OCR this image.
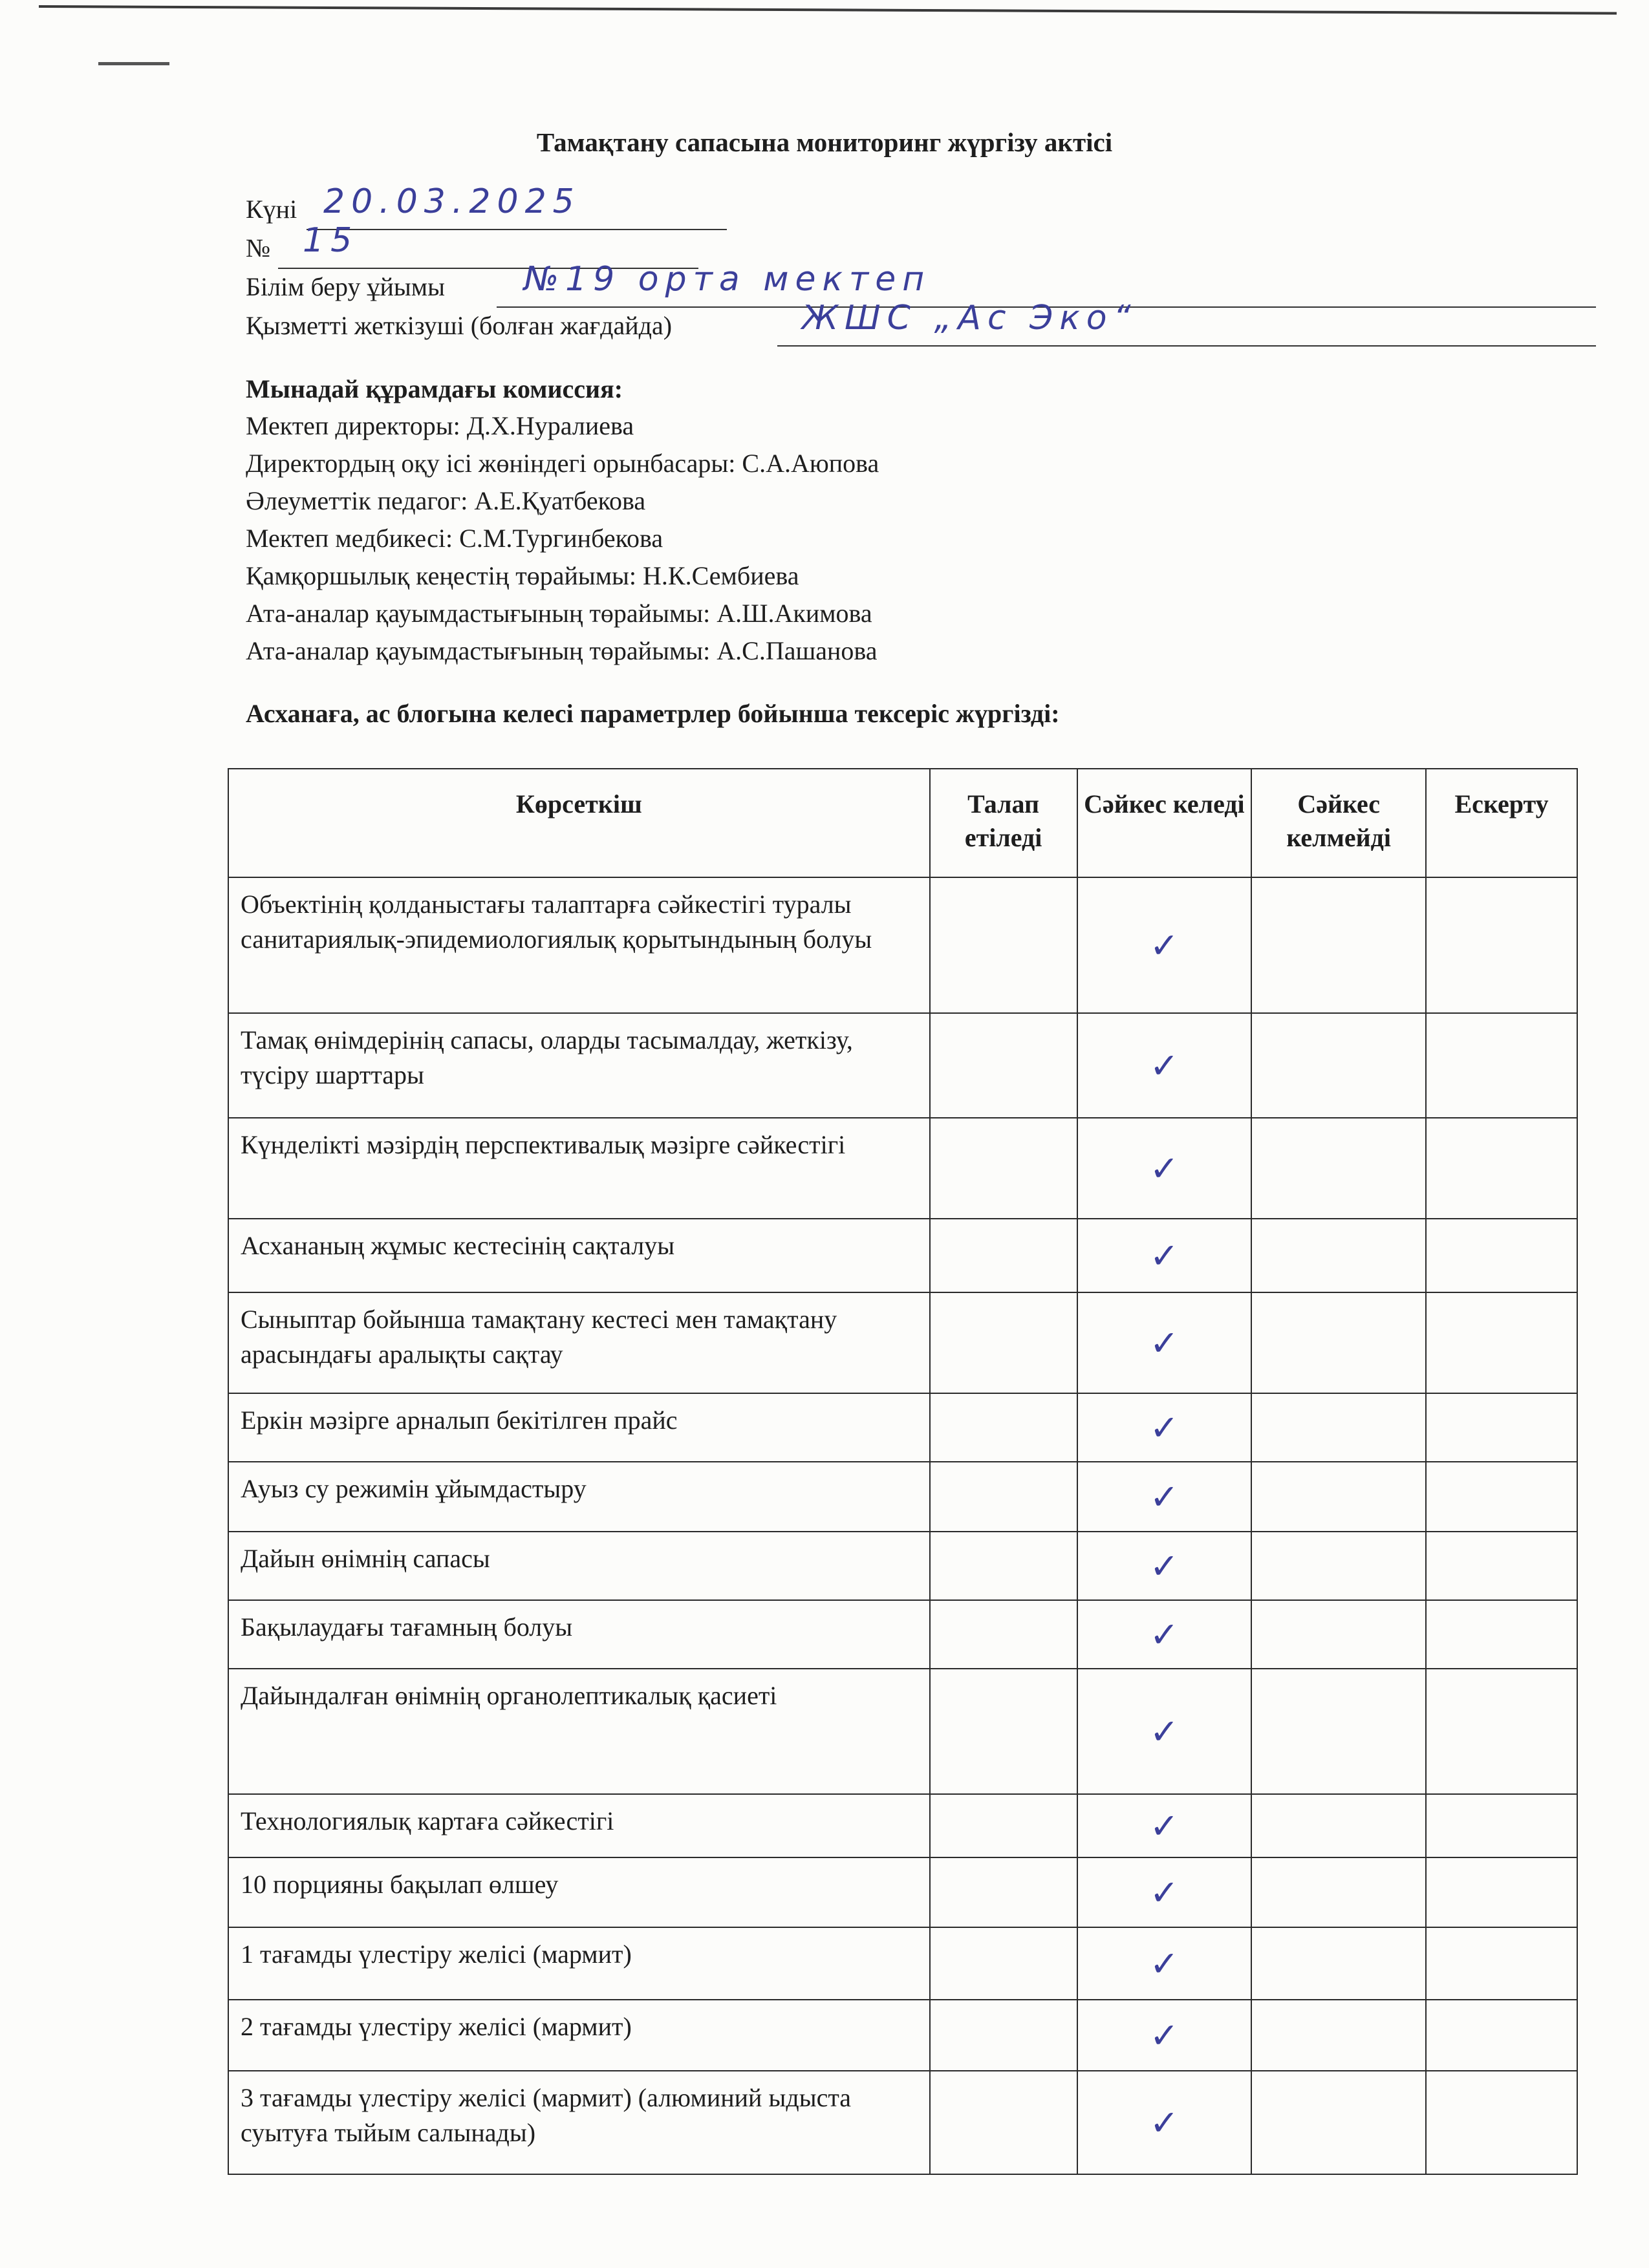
Тамақтану сапасына мониторинг жүргізу актісі
Күні 20.03.2025
№ 15
Білім беру ұйымы №19 орта мектеп
Қызметті жеткізуші (болған жағдайда)	ЖШС „Ас Эко“
Мынадай құрамдағы комиссия:
Мектеп директоры: Д.Х.Нуралиева
Директордың оқу ісі жөніндегі орынбасары: С.А.Аюпова
Әлеуметтік педагог: А.Е.Қуатбекова
Мектеп медбикесі: С.М.Тургинбекова
Қамқоршылық кеңестің төрайымы: Н.К.Сембиева
Ата-аналар қауымдастығының төрайымы: А.Ш.Акимова
Ата-аналар қауымдастығының төрайымы: А.С.Пашанова
Асханаға, ас блогына келесі параметрлер бойынша тексеріс жүргізді:
Көрсеткіш	Талап етіледі	Сәйкес келеді	Сәйкес келмейді	Ескерту
Объектінің қолданыстағы талаптарға сәйкестігі туралы санитариялық-эпидемиологиялық қорытындының болуы		✓		
Тамақ өнімдерінің сапасы, оларды тасымалдау, жеткізу, түсіру шарттары		✓		
Күнделікті мәзірдің перспективалық мәзірге сәйкестігі		✓		
Асхананың жұмыс кестесінің сақталуы		✓		
Сыныптар бойынша тамақтану кестесі мен тамақтану арасындағы аралықты сақтау		✓		
Еркін мәзірге арналып бекітілген прайс		✓		
Ауыз су режимін ұйымдастыру		✓		
Дайын өнімнің сапасы		✓		
Бақылаудағы тағамның болуы		✓		
Дайындалған өнімнің органолептикалық қасиеті		✓		
Технологиялық картаға сәйкестігі		✓		
10 порцияны бақылап өлшеу		✓		
1 тағамды үлестіру желісі (мармит)		✓		
2 тағамды үлестіру желісі (мармит)		✓		
3 тағамды үлестіру желісі (мармит) (алюминий ыдыста суытуға тыйым салынады)		✓		
